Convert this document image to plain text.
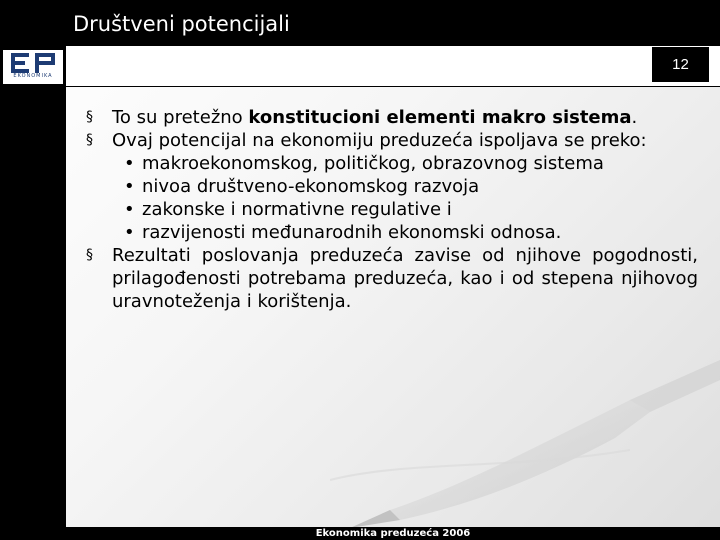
Društveni potencijali
EKONOMIKA
12

§	To su pretežno konstitucioni elementi makro sistema.

§	Ovaj potencijal na ekonomiju preduzeća ispoljava se preko:

• makroekonomskog, političkog, obrazovnog sistema

• nivoa društveno-ekonomskog razvoja

• zakonske i normativne regulative i

• razvijenosti međunarodnih ekonomski odnosa.

§	Rezultati poslovanja preduzeća zavise od njihove pogodnosti, prilagođenosti potrebama preduzeća, kao i od stepena njihovog uravnoteženja i korištenja.

Ekonomika preduzeća 2006
